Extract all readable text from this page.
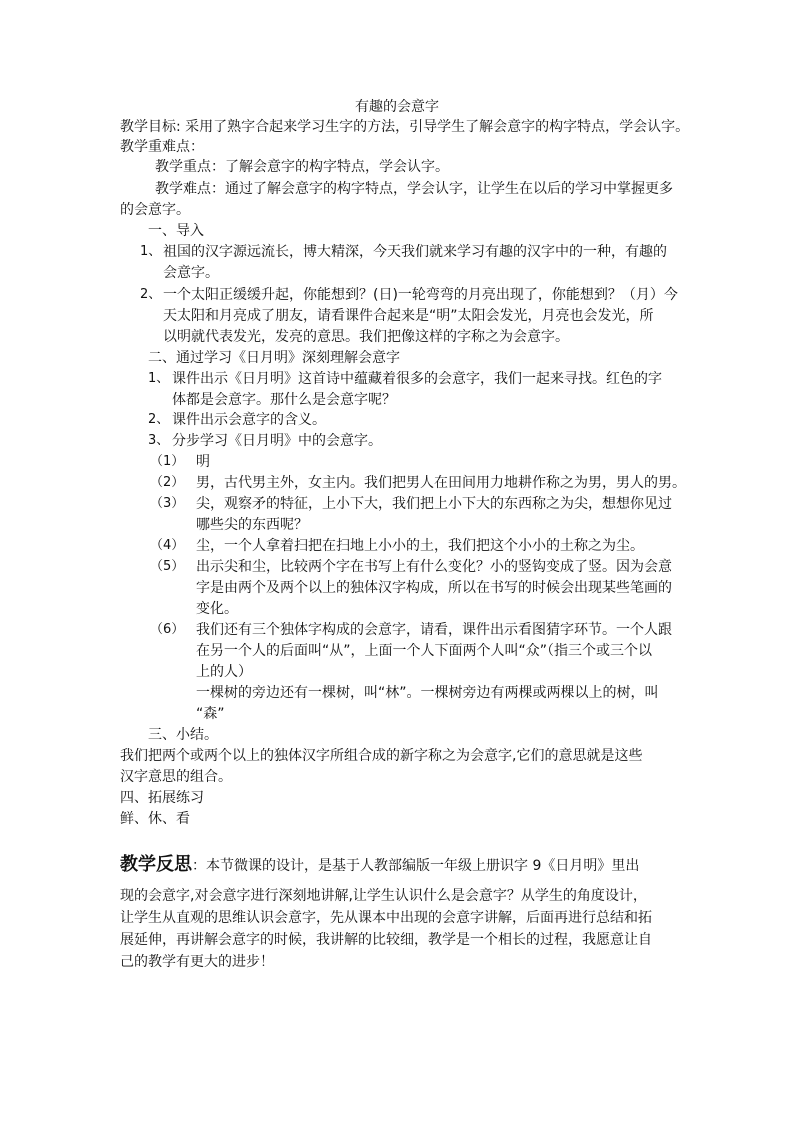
有趣的会意字
教学目标: 采用了熟字合起来学习生字的方法，引导学生了解会意字的构字特点，学会认字。
教学重难点：
教学重点：了解会意字的构字特点，学会认字。
教学难点：通过了解会意字的构字特点，学会认字，让学生在以后的学习中掌握更多
的会意字。
一、导入
1、 祖国的汉字源远流长，博大精深，今天我们就来学习有趣的汉字中的一种，有趣的
会意字。
2、 一个太阳正缓缓升起，你能想到？(日)一轮弯弯的月亮出现了，你能想到？（月）今
天太阳和月亮成了朋友，请看课件合起来是“明”太阳会发光，月亮也会发光，所
以明就代表发光，发亮的意思。我们把像这样的字称之为会意字。
二、通过学习《日月明》深刻理解会意字
1、 课件出示《日月明》这首诗中蕴藏着很多的会意字，我们一起来寻找。红色的字
体都是会意字。那什么是会意字呢？
2、 课件出示会意字的含义。
3、 分步学习《日月明》中的会意字。
（1） 明
（2） 男，古代男主外，女主内。我们把男人在田间用力地耕作称之为男，男人的男。
（3） 尖，观察矛的特征，上小下大，我们把上小下大的东西称之为尖，想想你见过
哪些尖的东西呢？
（4） 尘，一个人拿着扫把在扫地上小小的土，我们把这个小小的土称之为尘。
（5） 出示尖和尘，比较两个字在书写上有什么变化？小的竖钩变成了竖。因为会意
字是由两个及两个以上的独体汉字构成，所以在书写的时候会出现某些笔画的
变化。
（6） 我们还有三个独体字构成的会意字，请看，课件出示看图猜字环节。一个人跟
在另一个人的后面叫“从”，上面一个人下面两个人叫“众”（指三个或三个以
上的人）
一棵树的旁边还有一棵树，叫“林”。一棵树旁边有两棵或两棵以上的树，叫
“森”
三、小结。
我们把两个或两个以上的独体汉字所组合成的新字称之为会意字,它们的意思就是这些
汉字意思的组合。
四、拓展练习
鲜、休、看
教学反思：本节微课的设计，是基于人教部编版一年级上册识字 9《日月明》里出
现的会意字,对会意字进行深刻地讲解,让学生认识什么是会意字？从学生的角度设计，
让学生从直观的思维认识会意字，先从课本中出现的会意字讲解，后面再进行总结和拓
展延伸，再讲解会意字的时候，我讲解的比较细，教学是一个相长的过程，我愿意让自
己的教学有更大的进步！
